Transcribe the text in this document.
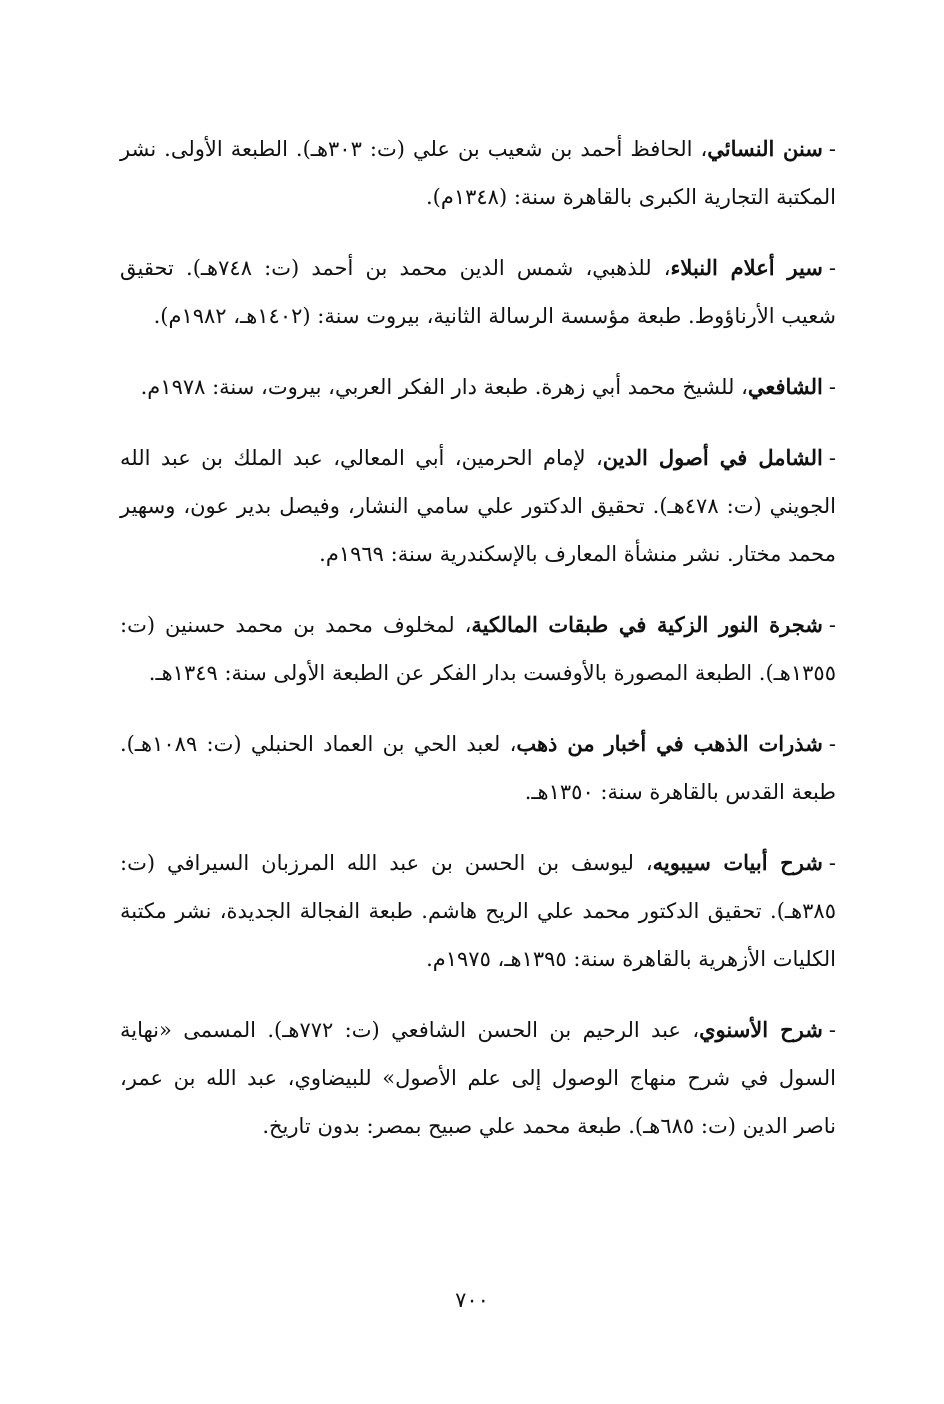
-سنن النسائي، الحافظ أحمد بن شعيب بن علي (ت: ٣٠٣هـ). الطبعة الأولى. نشر المكتبة التجارية الكبرى بالقاهرة سنة: (١٣٤٨م).

-سير أعلام النبلاء، للذهبي، شمس الدين محمد بن أحمد (ت: ٧٤٨هـ). تحقيق شعيب الأرناؤوط. طبعة مؤسسة الرسالة الثانية، بيروت سنة: (١٤٠٢هـ، ١٩٨٢م).

-الشافعي، للشيخ محمد أبي زهرة. طبعة دار الفكر العربي، بيروت، سنة: ١٩٧٨م.

-الشامل في أصول الدين، لإمام الحرمين، أبي المعالي، عبد الملك بن عبد الله الجويني (ت: ٤٧٨هـ). تحقيق الدكتور علي سامي النشار، وفيصل بدير عون، وسهير محمد مختار. نشر منشأة المعارف بالإسكندرية سنة: ١٩٦٩م.

-شجرة النور الزكية في طبقات المالكية، لمخلوف محمد بن محمد حسنين (ت: ١٣٥٥هـ). الطبعة المصورة بالأوفست بدار الفكر عن الطبعة الأولى سنة: ١٣٤٩هـ.

-شذرات الذهب في أخبار من ذهب، لعبد الحي بن العماد الحنبلي (ت: ١٠٨٩هـ). طبعة القدس بالقاهرة سنة: ١٣٥٠هـ.

-شرح أبيات سيبويه، ليوسف بن الحسن بن عبد الله المرزبان السيرافي (ت: ٣٨٥هـ). تحقيق الدكتور محمد علي الريح هاشم. طبعة الفجالة الجديدة، نشر مكتبة الكليات الأزهرية بالقاهرة سنة: ١٣٩٥هـ، ١٩٧٥م.

-شرح الأسنوي، عبد الرحيم بن الحسن الشافعي (ت: ٧٧٢هـ). المسمى «نهاية السول في شرح منهاج الوصول إلى علم الأصول» للبيضاوي، عبد الله بن عمر، ناصر الدين (ت: ٦٨٥هـ). طبعة محمد علي صبيح بمصر: بدون تاريخ.

٧٠٠
